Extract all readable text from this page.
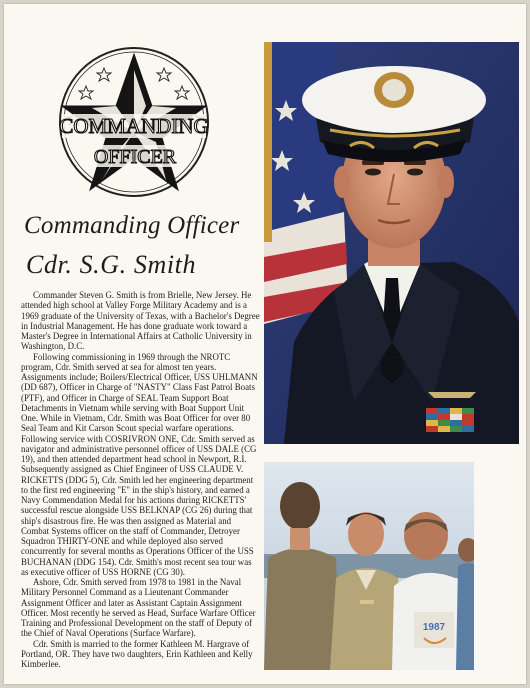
COMMANDING
OFFICER
Commanding Officer
Cdr. S.G. Smith

Commander Steven G. Smith is from Brielle, New Jersey. He attended high school at Valley Forge Military Academy and is a 1969 graduate of the University of Texas, with a Bachelor's Degree in Industrial Management. He has done graduate work toward a Master's Degree in International Affairs at Catholic University in Washington, D.C.

Following commissioning in 1969 through the NROTC program, Cdr. Smith served at sea for almost ten years. Assignments include; Boilers/Electrical Officer, USS UHLMANN (DD 687), Officer in Charge of "NASTY" Class Fast Patrol Boats (PTF), and Officer in Charge of SEAL Team Support Boat Detachments in Vietnam while serving with Boat Support Unit One. While in Vietnam, Cdr. Smith was Boat Officer for over 80 Seal Team and Kit Carson Scout special warfare operations. Following service with COSRIVRON ONE, Cdr. Smith served as navigator and administrative personnel officer of USS DALE (CG 19), and then attended department head school in Newport, R.I. Subsequently assigned as Chief Engineer of USS CLAUDE V. RICKETTS (DDG 5), Cdr. Smith led her engineering department to the first red engineering "E" in the ship's history, and earned a Navy Commendation Medal for his actions during RICKETTS' successful rescue alongside USS BELKNAP (CG 26) during that ship's disastrous fire. He was then assigned as Material and Combat Systems officer on the staff of Commander, Detroyer Squadron THIRTY-ONE and while deployed also served concurrently for several months as Operations Officer of the USS BUCHANAN (DDG 154). Cdr. Smith's most recent sea tour was as executive officer of USS HORNE (CG 30).

Ashore, Cdr. Smith served from 1978 to 1981 in the Naval Military Personnel Command as a Lieutenant Commander Assignment Officer and later as Assistant Captain Assignment Officer. Most recently he served as Head, Surface Warfare Officer Training and Professional Development on the staff of Deputy of the Chief of Naval Operations (Surface Warfare).

Cdr. Smith is married to the former Kathleen M. Hargrave of Portland, OR. They have two daughters, Erin Kathleen and Kelly Kimberlee.

1987
